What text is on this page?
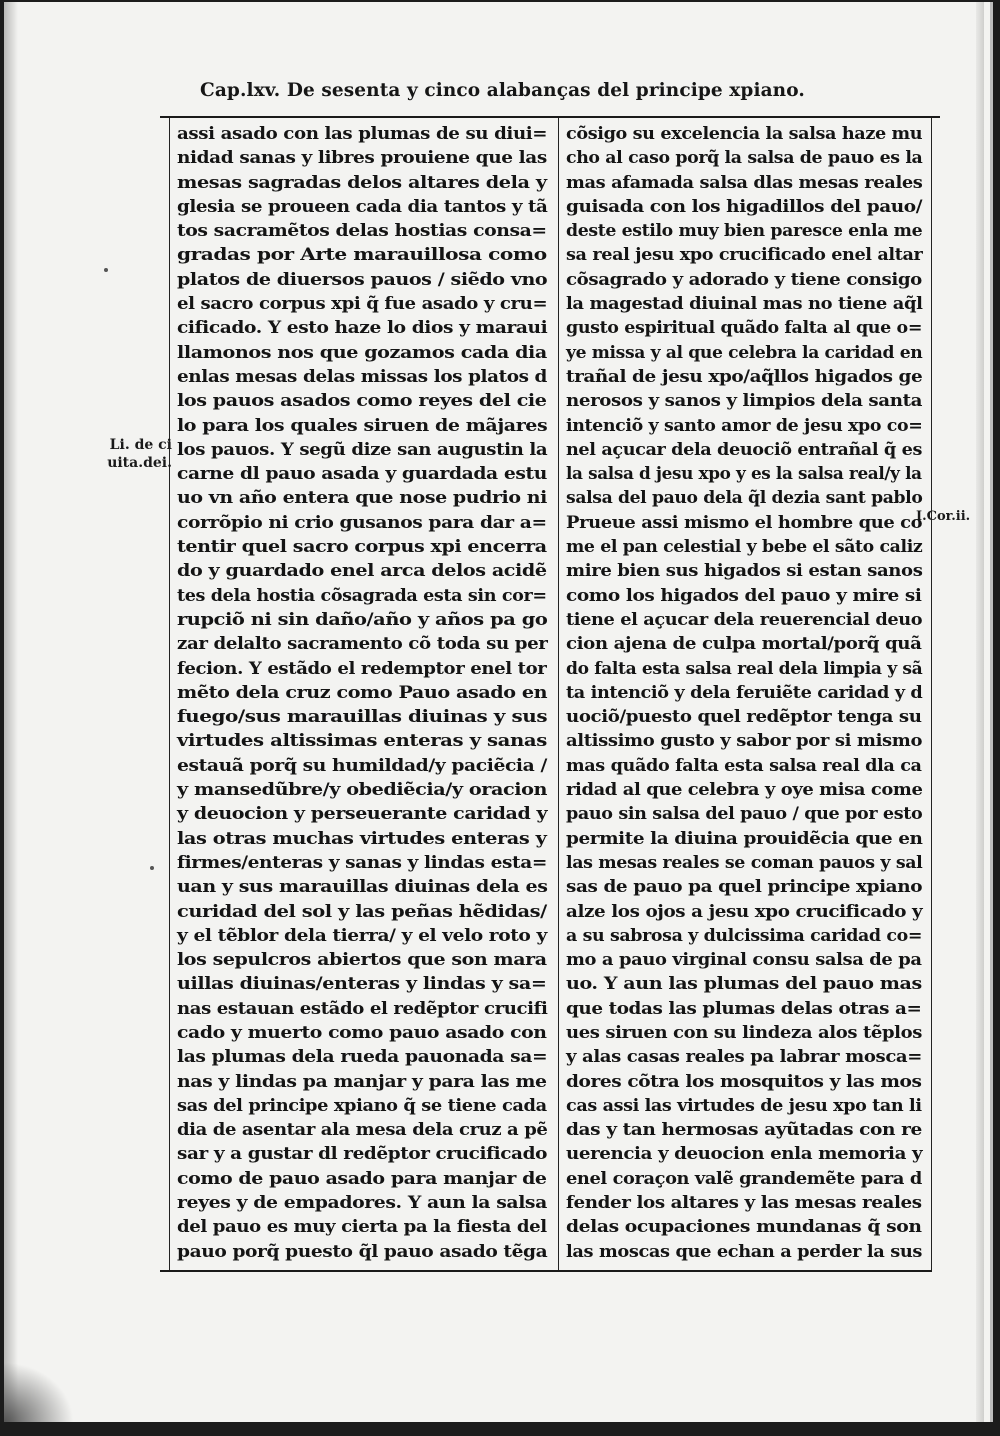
Cap.lxv. De sesenta y cinco alabanças del principe xpiano.
Li. de ci
uita.dei.
I.Cor.ii.
assi asado con las plumas de su diui=
nidad sanas y libres prouiene que las
mesas sagradas delos altares dela y
glesia se proueen cada dia tantos y tã
tos sacramẽtos delas hostias consa=
gradas por Arte marauillosa como
platos de diuersos pauos / siẽdo vno
el sacro corpus xpi q̃ fue asado y cru=
cificado. Y esto haze lo dios y maraui
llamonos nos que gozamos cada dia
enlas mesas delas missas los platos d
los pauos asados como reyes del cie
lo para los quales siruen de mãjares
los pauos. Y segũ dize san augustin la
carne dl pauo asada y guardada estu
uo vn año entera que nose pudrio ni
corrõpio ni crio gusanos para dar a=
tentir quel sacro corpus xpi encerra
do y guardado enel arca delos acidẽ
tes dela hostia cõsagrada esta sin cor=
rupciõ ni sin daño/año y años pa go
zar delalto sacramento cõ toda su per
fecion. Y estãdo el redemptor enel tor
mẽto dela cruz como Pauo asado en
fuego/sus marauillas diuinas y sus
virtudes altissimas enteras y sanas
estauã porq̃ su humildad/y paciẽcia /
y mansedũbre/y obediẽcia/y oracion
y deuocion y perseuerante caridad y
las otras muchas virtudes enteras y
firmes/enteras y sanas y lindas esta=
uan y sus marauillas diuinas dela es
curidad del sol y las peñas hẽdidas/
y el tẽblor dela tierra/ y el velo roto y
los sepulcros abiertos que son mara
uillas diuinas/enteras y lindas y sa=
nas estauan estãdo el redẽptor crucifi
cado y muerto como pauo asado con
las plumas dela rueda pauonada sa=
nas y lindas pa manjar y para las me
sas del principe xpiano q̃ se tiene cada
dia de asentar ala mesa dela cruz a pẽ
sar y a gustar dl redẽptor crucificado
como de pauo asado para manjar de
reyes y de empadores. Y aun la salsa
del pauo es muy cierta pa la fiesta del
pauo porq̃ puesto q̃l pauo asado tẽga
cõsigo su excelencia la salsa haze mu
cho al caso porq̃ la salsa de pauo es la
mas afamada salsa dlas mesas reales
guisada con los higadillos del pauo/
deste estilo muy bien paresce enla me
sa real jesu xpo crucificado enel altar
cõsagrado y adorado y tiene consigo
la magestad diuinal mas no tiene aq̃l
gusto espiritual quãdo falta al que o=
ye missa y al que celebra la caridad en
trañal de jesu xpo/aq̃llos higados ge
nerosos y sanos y limpios dela santa
intenciõ y santo amor de jesu xpo co=
nel açucar dela deuociõ entrañal q̃ es
la salsa d jesu xpo y es la salsa real/y la
salsa del pauo dela q̃l dezia sant pablo
Prueue assi mismo el hombre que co
me el pan celestial y bebe el sãto caliz
mire bien sus higados si estan sanos
como los higados del pauo y mire si
tiene el açucar dela reuerencial deuo
cion ajena de culpa mortal/porq̃ quã
do falta esta salsa real dela limpia y sã
ta intenciõ y dela feruiẽte caridad y d
uociõ/puesto quel redẽptor tenga su
altissimo gusto y sabor por si mismo
mas quãdo falta esta salsa real dla ca
ridad al que celebra y oye misa come
pauo sin salsa del pauo / que por esto
permite la diuina prouidẽcia que en
las mesas reales se coman pauos y sal
sas de pauo pa quel principe xpiano
alze los ojos a jesu xpo crucificado y
a su sabrosa y dulcissima caridad co=
mo a pauo virginal consu salsa de pa
uo. Y aun las plumas del pauo mas
que todas las plumas delas otras a=
ues siruen con su lindeza alos tẽplos
y alas casas reales pa labrar mosca=
dores cõtra los mosquitos y las mos
cas assi las virtudes de jesu xpo tan li
das y tan hermosas ayũtadas con re
uerencia y deuocion enla memoria y
enel coraçon valẽ grandemẽte para d
fender los altares y las mesas reales
delas ocupaciones mundanas q̃ son
las moscas que echan a perder la sus
